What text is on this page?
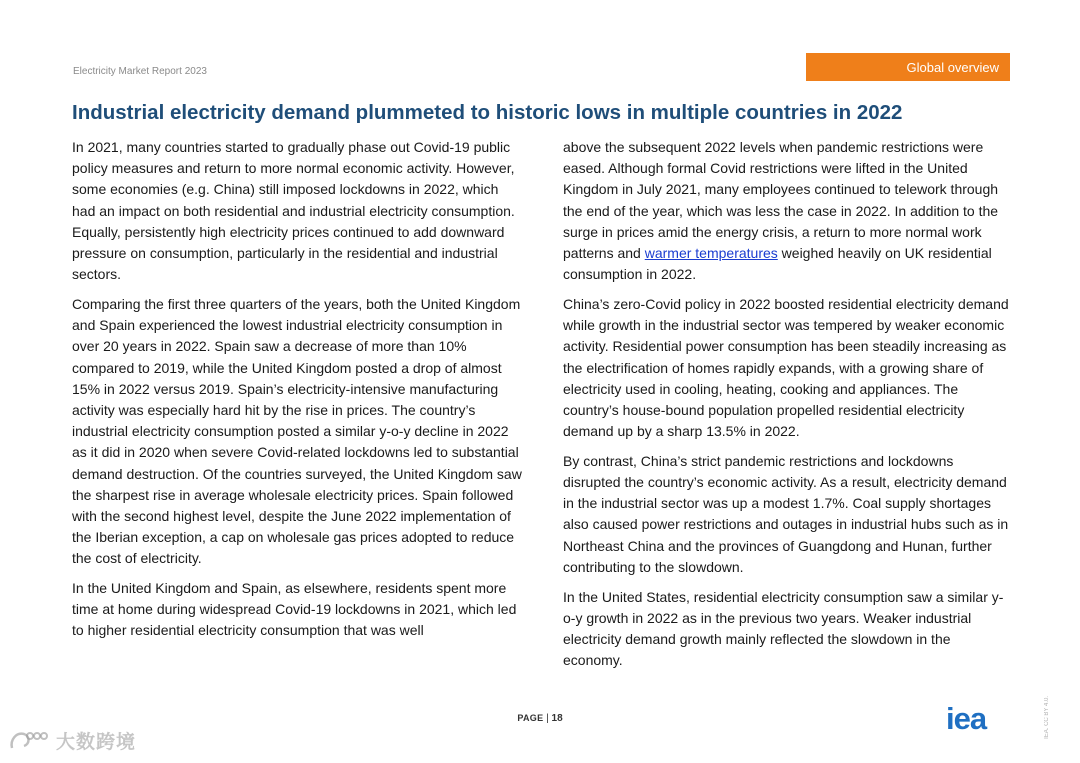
Electricity Market Report 2023	Global overview
Industrial electricity demand plummeted to historic lows in multiple countries in 2022

In 2021, many countries started to gradually phase out Covid-19 public policy measures and return to more normal economic activity. However, some economies (e.g. China) still imposed lockdowns in 2022, which had an impact on both residential and industrial electricity consumption. Equally, persistently high electricity prices continued to add downward pressure on consumption, particularly in the residential and industrial sectors.

Comparing the first three quarters of the years, both the United Kingdom and Spain experienced the lowest industrial electricity consumption in over 20 years in 2022. Spain saw a decrease of more than 10% compared to 2019, while the United Kingdom posted a drop of almost 15% in 2022 versus 2019. Spain’s electricity-intensive manufacturing activity was especially hard hit by the rise in prices. The country’s industrial electricity consumption posted a similar y-o-y decline in 2022 as it did in 2020 when severe Covid-related lockdowns led to substantial demand destruction. Of the countries surveyed, the United Kingdom saw the sharpest rise in average wholesale electricity prices. Spain followed with the second highest level, despite the June 2022 implementation of the Iberian exception, a cap on wholesale gas prices adopted to reduce the cost of electricity.

In the United Kingdom and Spain, as elsewhere, residents spent more time at home during widespread Covid-19 lockdowns in 2021, which led to higher residential electricity consumption that was well

above the subsequent 2022 levels when pandemic restrictions were eased. Although formal Covid restrictions were lifted in the United Kingdom in July 2021, many employees continued to telework through the end of the year, which was less the case in 2022. In addition to the surge in prices amid the energy crisis, a return to more normal work patterns and warmer temperatures weighed heavily on UK residential consumption in 2022.

China’s zero-Covid policy in 2022 boosted residential electricity demand while growth in the industrial sector was tempered by weaker economic activity. Residential power consumption has been steadily increasing as the electrification of homes rapidly expands, with a growing share of electricity used in cooling, heating, cooking and appliances. The country’s house-bound population propelled residential electricity demand up by a sharp 13.5% in 2022.

By contrast, China’s strict pandemic restrictions and lockdowns disrupted the country’s economic activity. As a result, electricity demand in the industrial sector was up a modest 1.7%. Coal supply shortages also caused power restrictions and outages in industrial hubs such as in Northeast China and the provinces of Guangdong and Hunan, further contributing to the slowdown.

In the United States, residential electricity consumption saw a similar y-o-y growth in 2022 as in the previous two years. Weaker industrial electricity demand growth mainly reflected the slowdown in the economy.

PAGE | 18	iea	IEA. CC BY 4.0.
大数跨境
